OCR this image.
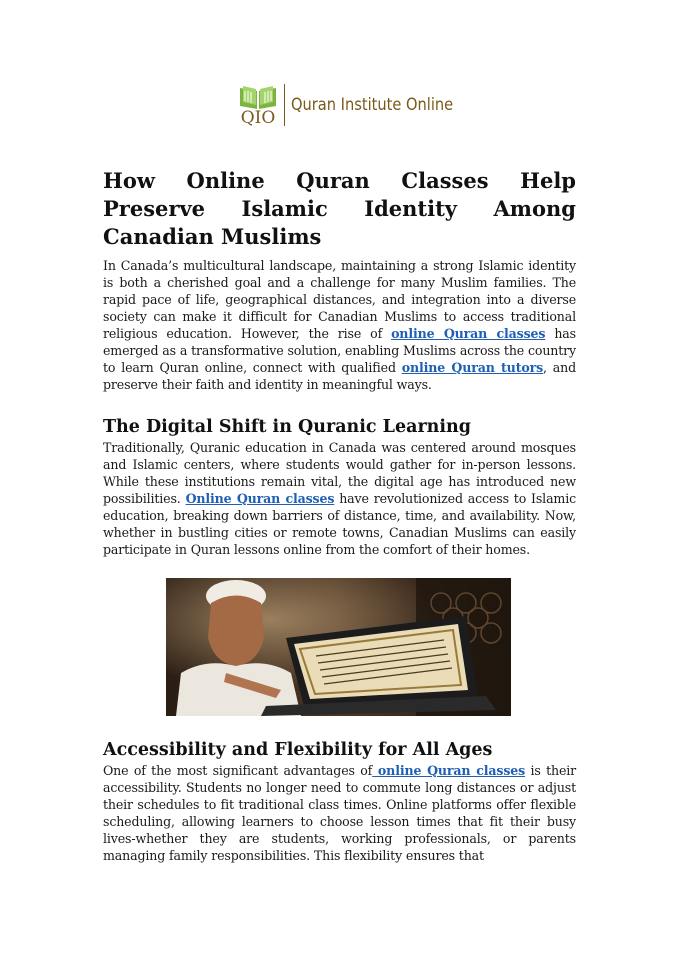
QIO
Quran Institute Online
How Online Quran Classes Help Preserve Islamic Identity Among Canadian Muslims

In Canada’s multicultural landscape, maintaining a strong Islamic identity is both a cherished goal and a challenge for many Muslim families. The rapid pace of life, geographical distances, and integration into a diverse society can make it difficult for Canadian Muslims to access traditional religious education. However, the rise of online Quran classes has emerged as a transformative solution, enabling Muslims across the country to learn Quran online, connect with qualified online Quran tutors, and preserve their faith and identity in meaningful ways.

The Digital Shift in Quranic Learning

Traditionally, Quranic education in Canada was centered around mosques and Islamic centers, where students would gather for in-person lessons. While these institutions remain vital, the digital age has introduced new possibilities. Online Quran classes have revolutionized access to Islamic education, breaking down barriers of distance, time, and availability. Now, whether in bustling cities or remote towns, Canadian Muslims can easily participate in Quran lessons online from the comfort of their homes.

Accessibility and Flexibility for All Ages

One of the most significant advantages of online Quran classes is their accessibility. Students no longer need to commute long distances or adjust their schedules to fit traditional class times. Online platforms offer flexible scheduling, allowing learners to choose lesson times that fit their busy lives-whether they are students, working professionals, or parents managing family responsibilities. This flexibility ensures that
